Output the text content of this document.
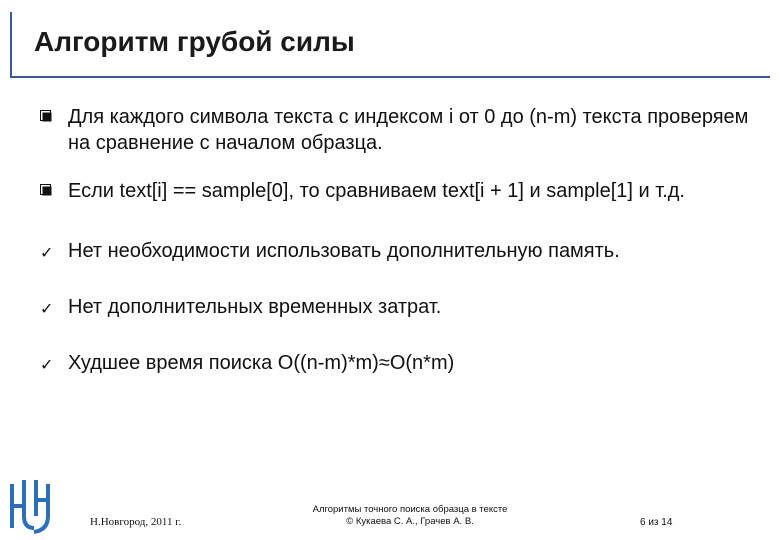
Алгоритм грубой силы
Для каждого символа текста с индексом i от 0 до (n-m) текста проверяем на сравнение с началом образца.
Если text[i] == sample[0], то сравниваем text[i + 1] и sample[1] и т.д.
✓ Нет необходимости использовать дополнительную память.
✓ Нет дополнительных временных затрат.
✓ Худшее время поиска O((n-m)*m)≈O(n*m)
Н.Новгород, 2011 г.
Алгоритмы точного поиска образца в тексте
© Кукаева С. А., Грачев А. В.	6 из 14
